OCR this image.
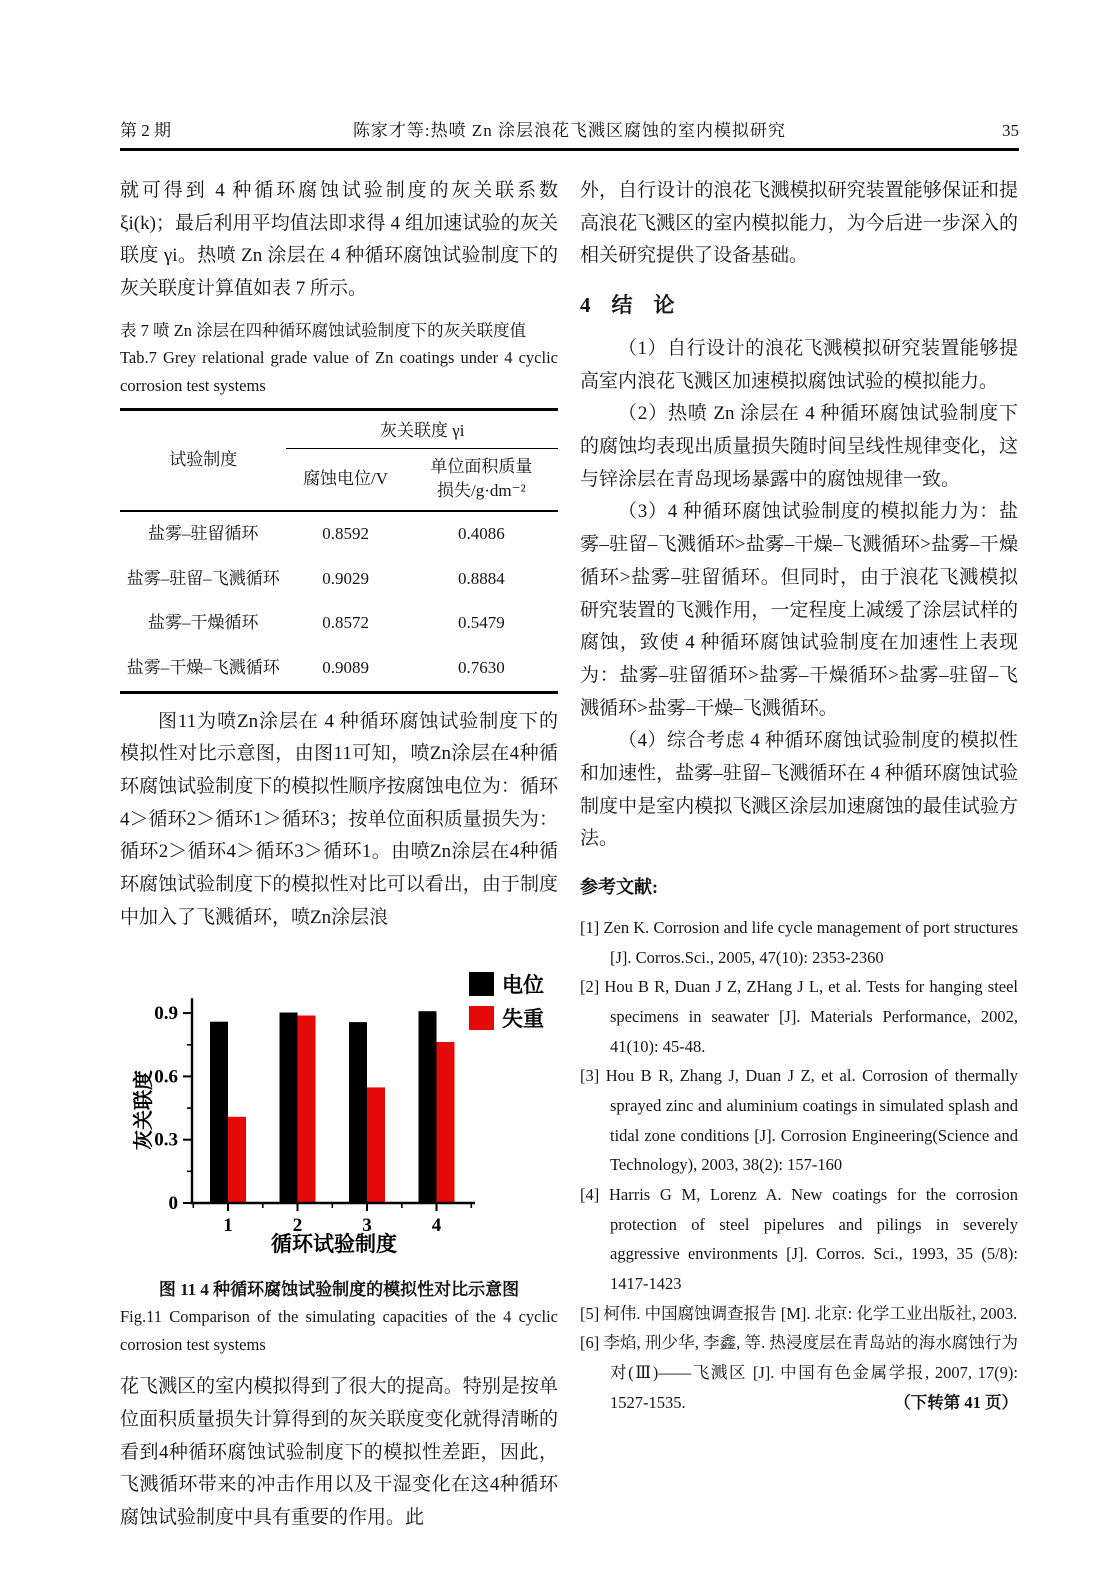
第 2 期	陈家才等:热喷 Zn 涂层浪花飞溅区腐蚀的室内模拟研究	35

就可得到 4 种循环腐蚀试验制度的灰关联系数 ξi(k)；最后利用平均值法即求得 4 组加速试验的灰关联度 γi。热喷 Zn 涂层在 4 种循环腐蚀试验制度下的灰关联度计算值如表 7 所示。

表 7 喷 Zn 涂层在四种循环腐蚀试验制度下的灰关联度值
Tab.7 Grey relational grade value of Zn coatings under 4 cyclic corrosion test systems
试验制度	灰关联度 γi	
	腐蚀电位/V	单位面积质量
损失/g·dm⁻²

盐雾–驻留循环	0.8592	0.4086
盐雾–驻留–飞溅循环	0.9029	0.8884
盐雾–干燥循环	0.8572	0.5479
盐雾–干燥–飞溅循环	0.9089	0.7630

图11为喷Zn涂层在 4 种循环腐蚀试验制度下的模拟性对比示意图，由图11可知，喷Zn涂层在4种循环腐蚀试验制度下的模拟性顺序按腐蚀电位为：循环4＞循环2＞循环1＞循环3；按单位面积质量损失为：循环2＞循环4＞循环3＞循环1。由喷Zn涂层在4种循环腐蚀试验制度下的模拟性对比可以看出，由于制度中加入了飞溅循环，喷Zn涂层浪

0
0.3
0.6
0.9
1	2	3	4
循环试验制度
灰关联度
电位
失重
图 11 4 种循环腐蚀试验制度的模拟性对比示意图
Fig.11 Comparison of the simulating capacities of the 4 cyclic corrosion test systems

花飞溅区的室内模拟得到了很大的提高。特别是按单位面积质量损失计算得到的灰关联度变化就得清晰的看到4种循环腐蚀试验制度下的模拟性差距，因此，飞溅循环带来的冲击作用以及干湿变化在这4种循环腐蚀试验制度中具有重要的作用。此

外，自行设计的浪花飞溅模拟研究装置能够保证和提高浪花飞溅区的室内模拟能力，为今后进一步深入的相关研究提供了设备基础。

4　结　论

（1）自行设计的浪花飞溅模拟研究装置能够提高室内浪花飞溅区加速模拟腐蚀试验的模拟能力。

（2）热喷 Zn 涂层在 4 种循环腐蚀试验制度下的腐蚀均表现出质量损失随时间呈线性规律变化，这与锌涂层在青岛现场暴露中的腐蚀规律一致。

（3）4 种循环腐蚀试验制度的模拟能力为：盐雾–驻留–飞溅循环>盐雾–干燥–飞溅循环>盐雾–干燥循环>盐雾–驻留循环。但同时，由于浪花飞溅模拟研究装置的飞溅作用，一定程度上减缓了涂层试样的腐蚀，致使 4 种循环腐蚀试验制度在加速性上表现为：盐雾–驻留循环>盐雾–干燥循环>盐雾–驻留–飞溅循环>盐雾–干燥–飞溅循环。

（4）综合考虑 4 种循环腐蚀试验制度的模拟性和加速性，盐雾–驻留–飞溅循环在 4 种循环腐蚀试验制度中是室内模拟飞溅区涂层加速腐蚀的最佳试验方法。

参考文献:

[1] Zen K. Corrosion and life cycle management of port structures [J]. Corros.Sci., 2005, 47(10): 2353-2360

[2] Hou B R, Duan J Z, ZHang J L, et al. Tests for hanging steel specimens in seawater [J]. Materials Performance, 2002, 41(10): 45-48.

[3] Hou B R, Zhang J, Duan J Z, et al. Corrosion of thermally sprayed zinc and aluminium coatings in simulated splash and tidal zone conditions [J]. Corrosion Engineering(Science and Technology), 2003, 38(2): 157-160

[4] Harris G M, Lorenz A. New coatings for the corrosion protection of steel pipelures and pilings in severely aggressive environments [J]. Corros. Sci., 1993, 35 (5/8): 1417-1423

[5] 柯伟. 中国腐蚀调查报告 [M]. 北京: 化学工业出版社, 2003.

[6] 李焰, 刑少华, 李鑫, 等. 热浸度层在青岛站的海水腐蚀行为对(Ⅲ)——飞溅区 [J]. 中国有色金属学报, 2007, 17(9): 1527-1535.	（下转第 41 页）
